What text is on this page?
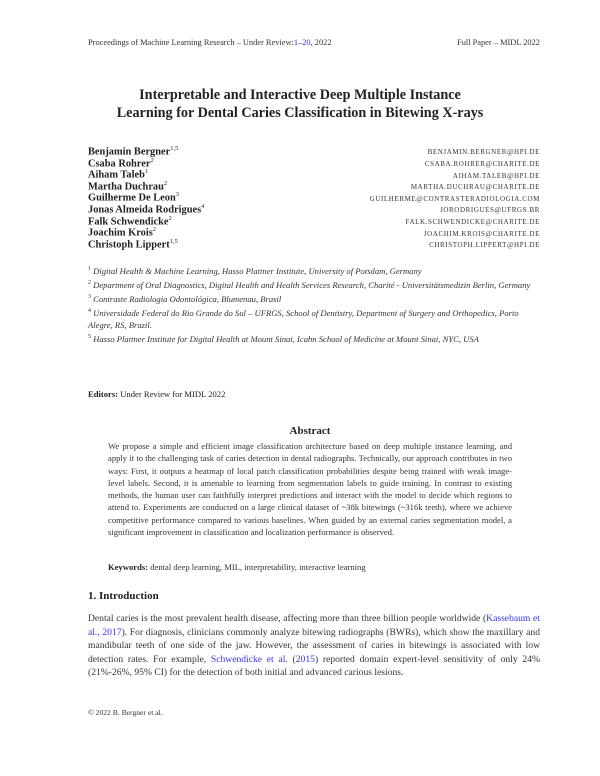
Proceedings of Machine Learning Research – Under Review:1–20, 2022	Full Paper – MIDL 2022
Interpretable and Interactive Deep Multiple Instance
Learning for Dental Caries Classification in Bitewing X-rays
Benjamin Bergner$^{1,5}$	BENJAMIN.BERGNER@HPI.DE
Csaba Rohrer$^2$	CSABA.ROHRER@CHARITE.DE
Aiham Taleb$^1$	AIHAM.TALEB@HPI.DE
Martha Duchrau$^2$	MARTHA.DUCHRAU@CHARITE.DE
Guilherme De Leon$^3$	GUILHERME@CONTRASTERADIOLOGIA.COM
Jonas Almeida Rodrigues$^4$	JORODRIGUES@UFRGS.BR
Falk Schwendicke$^2$	FALK.SCHWENDICKE@CHARITE.DE
Joachim Krois$^2$	JOACHIM.KROIS@CHARITE.DE
Christoph Lippert$^{1,5}$	CHRISTOPH.LIPPERT@HPI.DE
$^1$ Digital Health & Machine Learning, Hasso Plattner Institute, University of Potsdam, Germany
$^2$ Department of Oral Diagnostics, Digital Health and Health Services Research, Charité - Universitätsmedizin Berlin, Germany
$^3$ Contraste Radiologia Odontológica, Blumenau, Brasil
$^4$ Universidade Federal do Rio Grande do Sul – UFRGS, School of Dentistry, Department of Surgery and Orthopedics, Porto Alegre, RS, Brazil.
$^5$ Hasso Plattner Institute for Digital Health at Mount Sinai, Icahn School of Medicine at Mount Sinai, NYC, USA
Editors: Under Review for MIDL 2022
Abstract
We propose a simple and efficient image classification architecture based on deep multiple instance learning, and apply it to the challenging task of caries detection in dental radiographs. Technically, our approach contributes in two ways: First, it outputs a heatmap of local patch classification probabilities despite being trained with weak image-level labels. Second, it is amenable to learning from segmentation labels to guide training. In contrast to existing methods, the human user can faithfully interpret predictions and interact with the model to decide which regions to attend to. Experiments are conducted on a large clinical dataset of ~38k bitewings (~316k teeth), where we achieve competitive performance compared to various baselines. When guided by an external caries segmentation model, a significant improvement in classification and localization performance is observed.
Keywords: dental deep learning, MIL, interpretability, interactive learning
1. Introduction
Dental caries is the most prevalent health disease, affecting more than three billion people worldwide (Kassebaum et al., 2017). For diagnosis, clinicians commonly analyze bitewing radiographs (BWRs), which show the maxillary and mandibular teeth of one side of the jaw. However, the assessment of caries in bitewings is associated with low detection rates. For example, Schwendicke et al. (2015) reported domain expert-level sensitivity of only 24% (21%-26%, 95% CI) for the detection of both initial and advanced carious lesions.
© 2022 B. Bergner et al.
